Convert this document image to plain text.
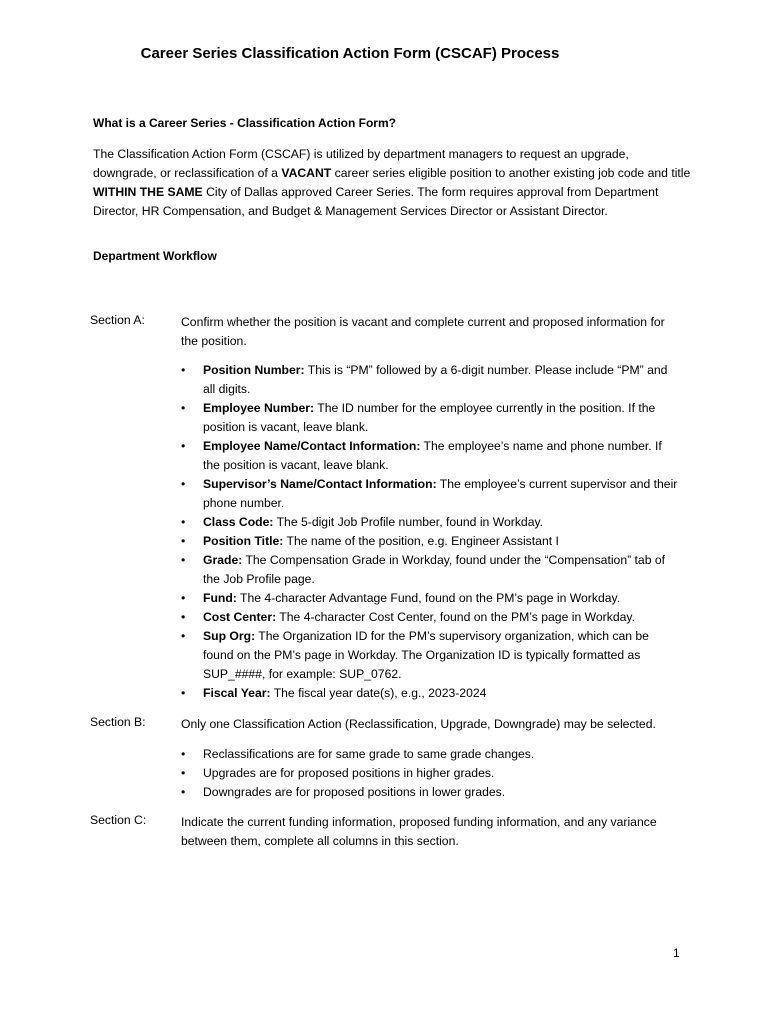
Career Series Classification Action Form (CSCAF) Process
What is a Career Series - Classification Action Form?

The Classification Action Form (CSCAF) is utilized by department managers to request an upgrade, downgrade, or reclassification of a VACANT career series eligible position to another existing job code and title WITHIN THE SAME City of Dallas approved Career Series. The form requires approval from Department Director, HR Compensation, and Budget & Management Services Director or Assistant Director.

Department Workflow
Section A:	Confirm whether the position is vacant and complete current and proposed information for the position.

• Position Number: This is “PM” followed by a 6-digit number. Please include “PM” and all digits.
• Employee Number: The ID number for the employee currently in the position. If the position is vacant, leave blank.
• Employee Name/Contact Information: The employee’s name and phone number. If the position is vacant, leave blank.
• Supervisor’s Name/Contact Information: The employee’s current supervisor and their phone number.
• Class Code: The 5-digit Job Profile number, found in Workday.
• Position Title: The name of the position, e.g. Engineer Assistant I
• Grade: The Compensation Grade in Workday, found under the “Compensation” tab of the Job Profile page.
• Fund: The 4-character Advantage Fund, found on the PM’s page in Workday.
• Cost Center: The 4-character Cost Center, found on the PM’s page in Workday.
• Sup Org: The Organization ID for the PM’s supervisory organization, which can be found on the PM’s page in Workday. The Organization ID is typically formatted as SUP_####, for example: SUP_0762.
• Fiscal Year: The fiscal year date(s), e.g., 2023-2024
Section B:	Only one Classification Action (Reclassification, Upgrade, Downgrade) may be selected.

• Reclassifications are for same grade to same grade changes.
• Upgrades are for proposed positions in higher grades.
• Downgrades are for proposed positions in lower grades.
Section C:	Indicate the current funding information, proposed funding information, and any variance between them, complete all columns in this section.

1
